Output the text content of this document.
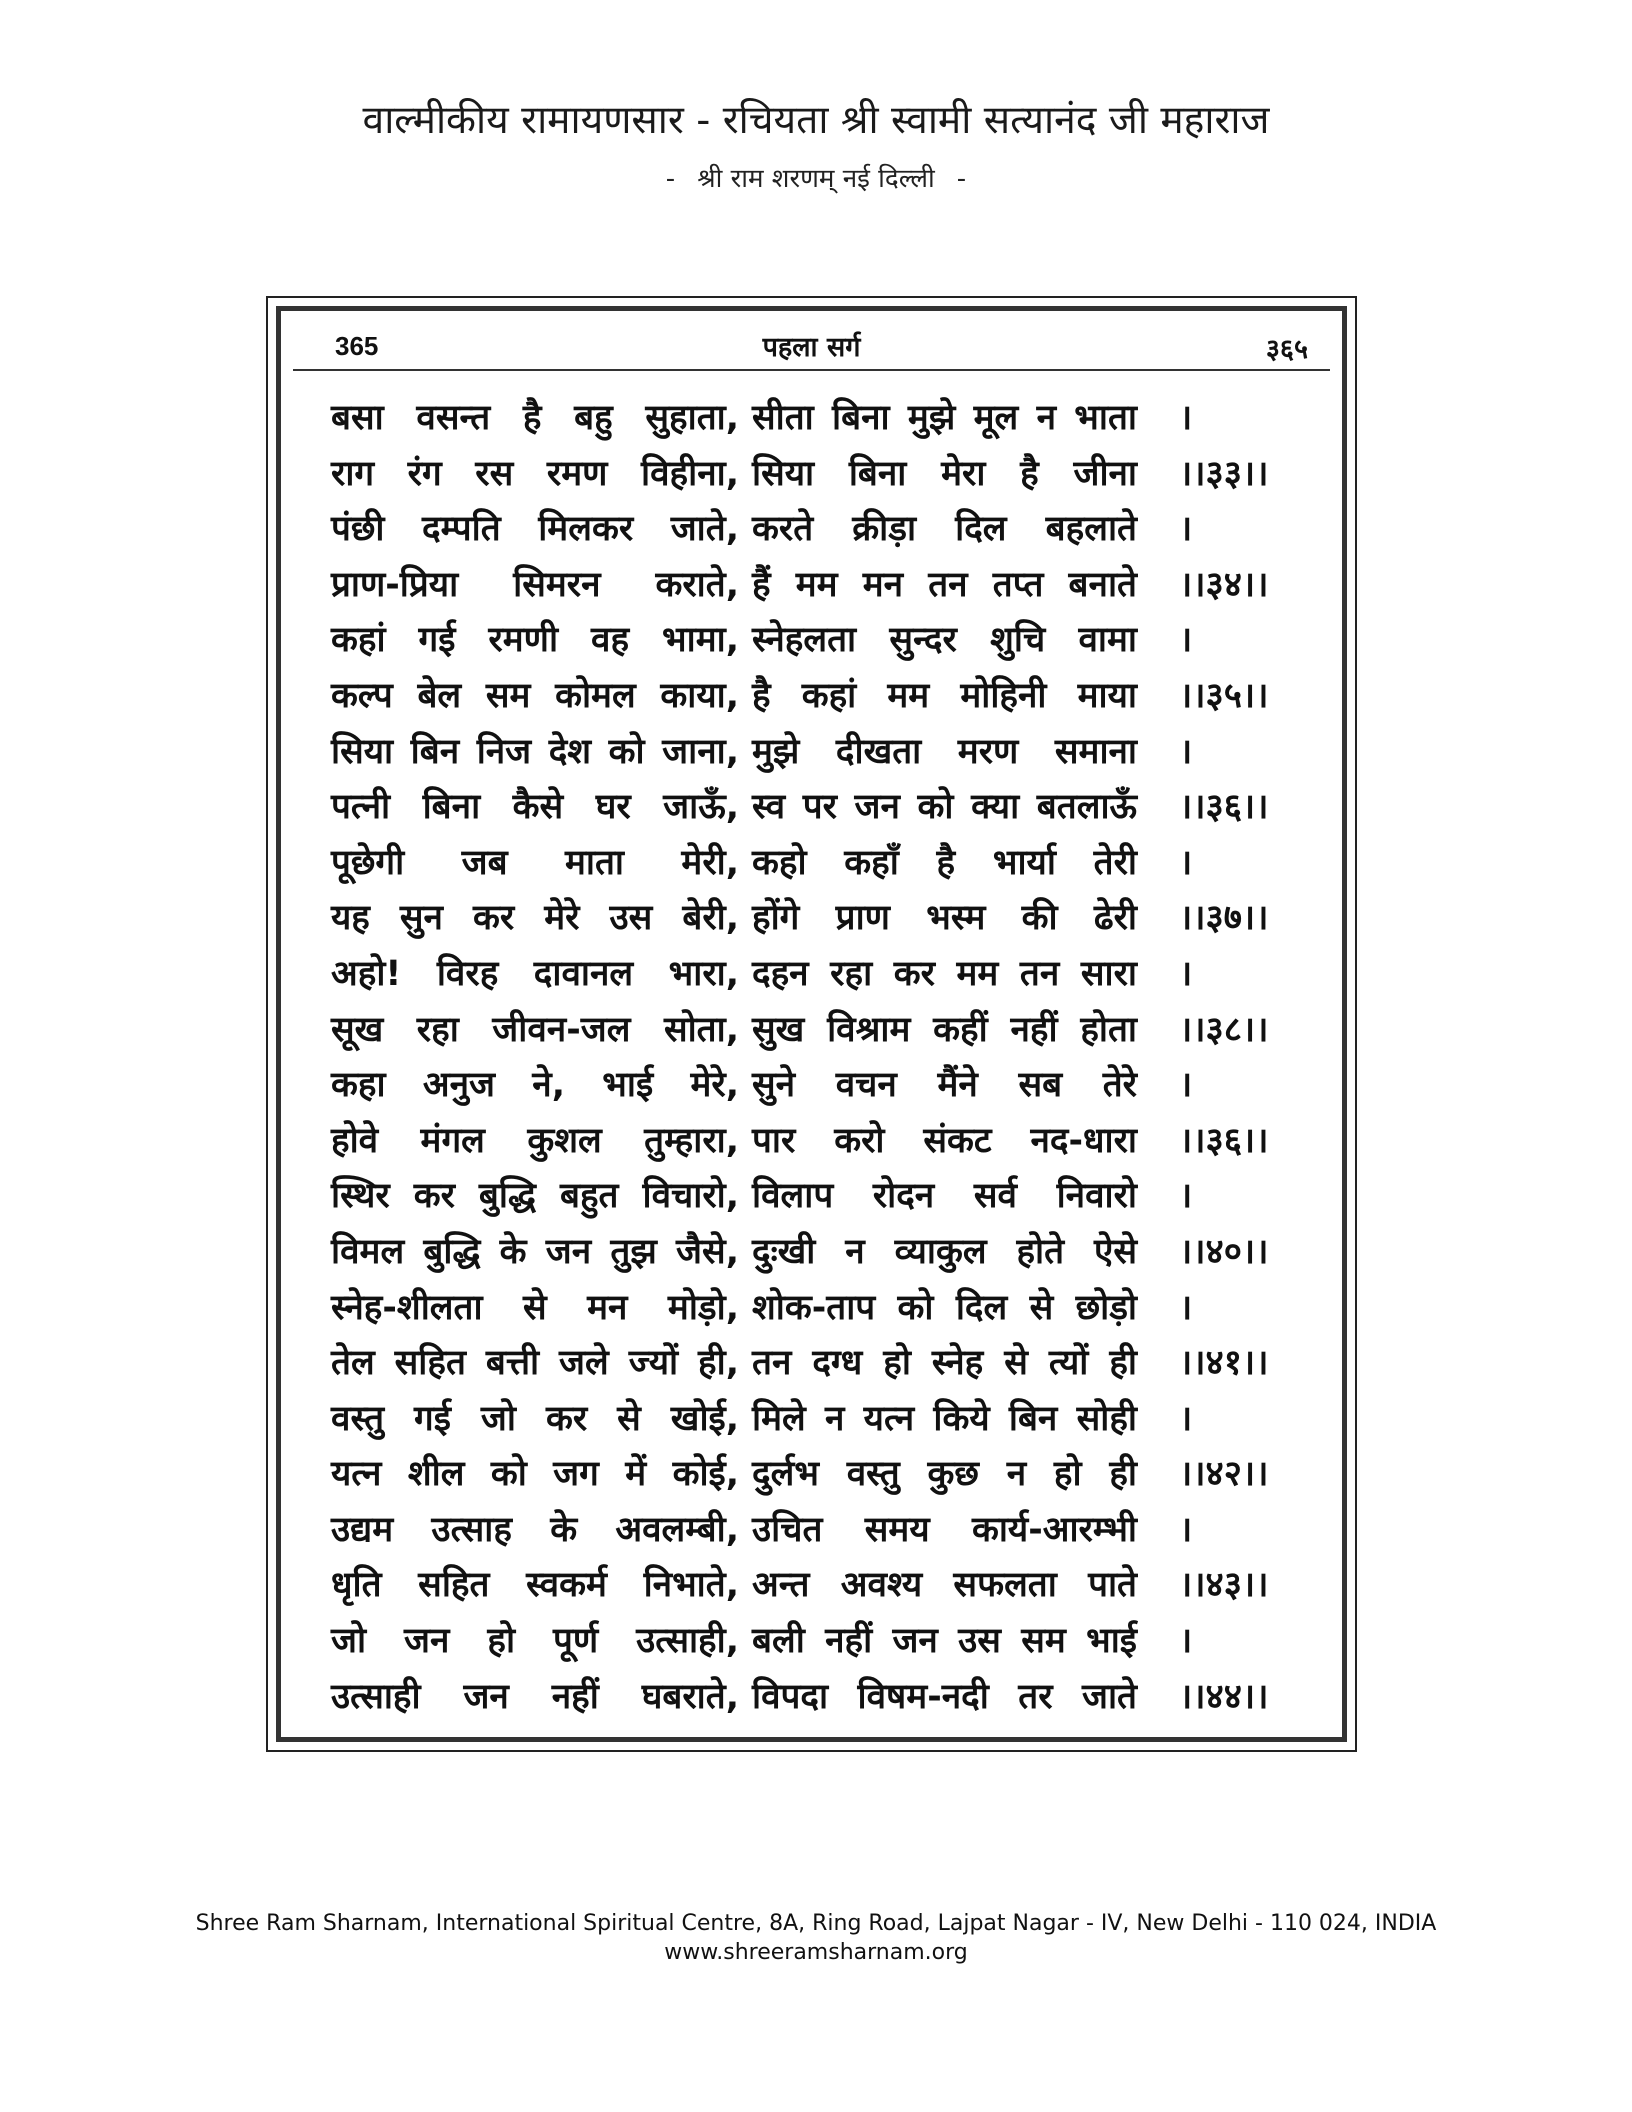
वाल्मीकीय रामायणसार - रचियता श्री स्वामी सत्यानंद जी महाराज
- श्री राम शरणम् नई दिल्ली -
365	पहला सर्ग	३६५
बसा वसन्त है बहु सुहाता, सीता बिना मुझे मूल न भाता ।
राग रंग रस रमण विहीना, सिया बिना मेरा है जीना ।।३३।।
पंछी दम्पति मिलकर जाते, करते क्रीड़ा दिल बहलाते ।
प्राण-प्रिया सिमरन कराते, हैं मम मन तन तप्त बनाते ।।३४।।
कहां गई रमणी वह भामा, स्नेहलता सुन्दर शुचि वामा ।
कल्प बेल सम कोमल काया, है कहां मम मोहिनी माया ।।३५।।
सिया बिन निज देश को जाना, मुझे दीखता मरण समाना ।
पत्नी बिना कैसे घर जाऊँ, स्व पर जन को क्या बतलाऊँ ।।३६।।
पूछेगी जब माता मेरी, कहो कहाँ है भार्या तेरी ।
यह सुन कर मेरे उस बेरी, होंगे प्राण भस्म की ढेरी ।।३७।।
अहो! विरह दावानल भारा, दहन रहा कर मम तन सारा ।
सूख रहा जीवन-जल सोता, सुख विश्राम कहीं नहीं होता ।।३८।।
कहा अनुज ने, भाई मेरे, सुने वचन मैंने सब तेरे ।
होवे मंगल कुशल तुम्हारा, पार करो संकट नद-धारा ।।३६।।
स्थिर कर बुद्धि बहुत विचारो, विलाप रोदन सर्व निवारो ।
विमल बुद्धि के जन तुझ जैसे, दुःखी न व्याकुल होते ऐसे ।।४०।।
स्नेह-शीलता से मन मोड़ो, शोक-ताप को दिल से छोड़ो ।
तेल सहित बत्ती जले ज्यों ही, तन दग्ध हो स्नेह से त्यों ही ।।४१।।
वस्तु गई जो कर से खोई, मिले न यत्न किये बिन सोही ।
यत्न शील को जग में कोई, दुर्लभ वस्तु कुछ न हो ही ।।४२।।
उद्यम उत्साह के अवलम्बी, उचित समय कार्य-आरम्भी ।
धृति सहित स्वकर्म निभाते, अन्त अवश्य सफलता पाते ।।४३।।
जो जन हो पूर्ण उत्साही, बली नहीं जन उस सम भाई ।
उत्साही जन नहीं घबराते, विपदा विषम-नदी तर जाते ।।४४।।
Shree Ram Sharnam, International Spiritual Centre, 8A, Ring Road, Lajpat Nagar - IV, New Delhi - 110 024, INDIA
www.shreeramsharnam.org
